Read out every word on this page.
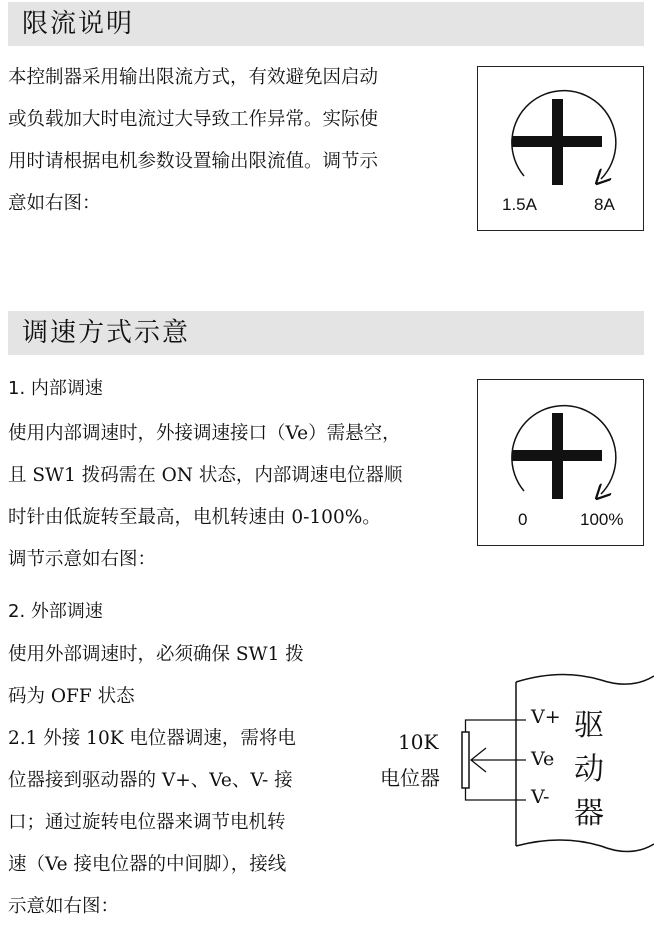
限流说明
本控制器采用输出限流方式，有效避免因启动
或负载加大时电流过大导致工作异常。实际使
用时请根据电机参数设置输出限流值。调节示
意如右图：	1.5A	8A
调速方式示意
1. 内部调速
使用内部调速时，外接调速接口（Ve）需悬空，
且 SW1 拨码需在 ON 状态，内部调速电位器顺
时针由低旋转至最高，电机转速由 0-100%。
调节示意如右图：
0	100%
2. 外部调速
使用外部调速时，必须确保 SW1 拨
码为 OFF 状态
2.1 外接 10K 电位器调速，需将电
位器接到驱动器的 V+、Ve、V- 接
口；通过旋转电位器来调节电机转
速（Ve 接电位器的中间脚），接线
示意如右图：
10K
电位器
V+
Ve
V-
驱
动
器
